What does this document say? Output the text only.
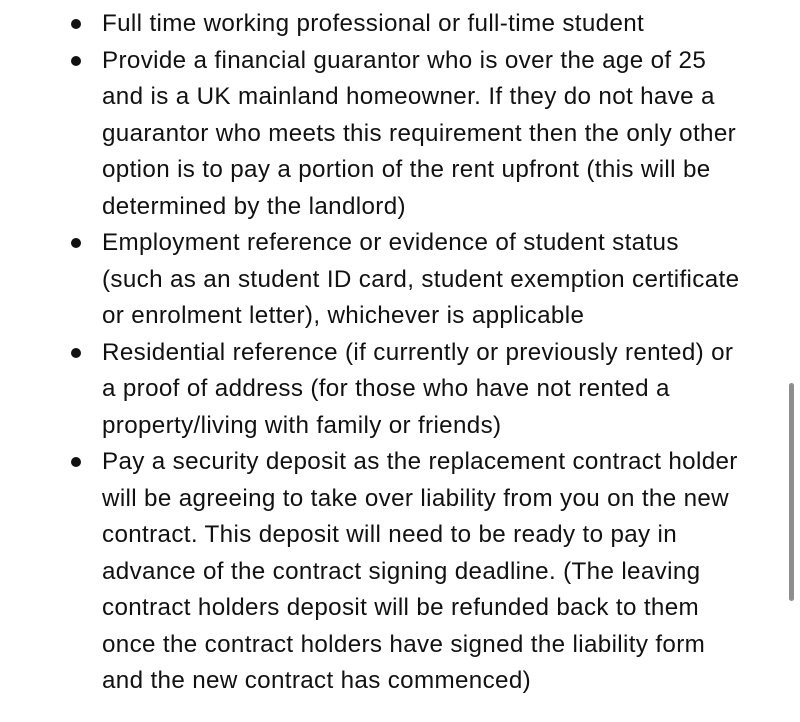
Full time working professional or full-time student
Provide a financial guarantor who is over the age of 25
and is a UK mainland homeowner. If they do not have a
guarantor who meets this requirement then the only other
option is to pay a portion of the rent upfront (this will be
determined by the landlord)
Employment reference or evidence of student status
(such as an student ID card, student exemption certificate
or enrolment letter), whichever is applicable
Residential reference (if currently or previously rented) or
a proof of address (for those who have not rented a
property/living with family or friends)
Pay a security deposit as the replacement contract holder
will be agreeing to take over liability from you on the new
contract. This deposit will need to be ready to pay in
advance of the contract signing deadline. (The leaving
contract holders deposit will be refunded back to them
once the contract holders have signed the liability form
and the new contract has commenced)
